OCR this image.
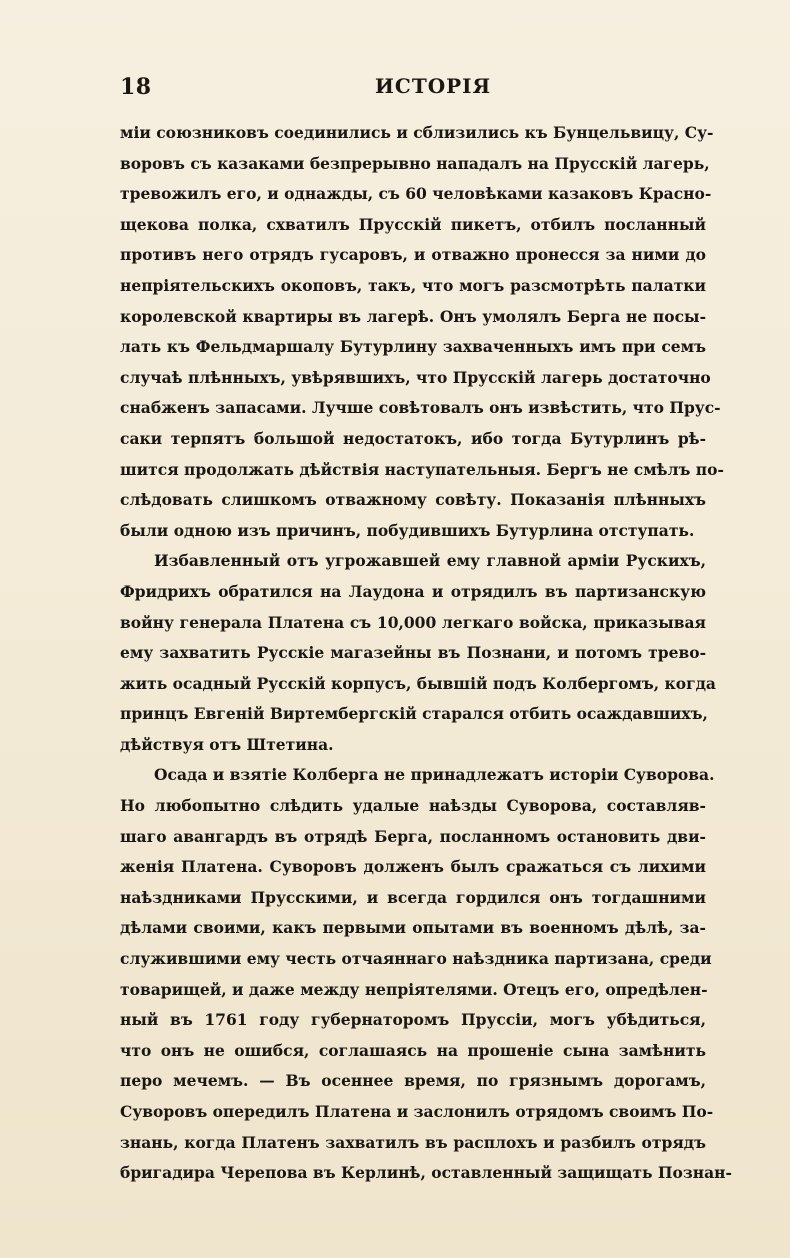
18	ИСТОРІЯ
міи союзниковъ соединились и сблизились къ Бунцельвицу, Су-
воровъ съ казаками безпрерывно нападалъ на Прусскій лагерь,
тревожилъ его, и однажды, съ 60 человѣками казаковъ Красно-
щекова полка, схватилъ Прусскій пикетъ, отбилъ посланный
противъ него отрядъ гусаровъ, и отважно пронесся за ними до
непріятельскихъ окоповъ, такъ, что могъ разсмотрѣть палатки
королевской квартиры въ лагерѣ. Онъ умолялъ Берга не посы-
лать къ Фельдмаршалу Бутурлину захваченныхъ имъ при семъ
случаѣ плѣнныхъ, увѣрявшихъ, что Прусскій лагерь достаточно
снабженъ запасами. Лучше совѣтовалъ онъ извѣстить, что Прус-
саки терпятъ большой недостатокъ, ибо тогда Бутурлинъ рѣ-
шится продолжать дѣйствія наступательныя. Бергъ не смѣлъ по-
слѣдовать слишкомъ отважному совѣту. Показанія плѣнныхъ
были одною изъ причинъ, побудившихъ Бутурлина отступать.
Избавленный отъ угрожавшей ему главной арміи Рускихъ,
Фридрихъ обратился на Лаудона и отрядилъ въ партизанскую
войну генерала Платена съ 10,000 легкаго войска, приказывая
ему захватить Русскіе магазейны въ Познани, и потомъ трево-
жить осадный Русскій корпусъ, бывшій подъ Колбергомъ, когда
принцъ Евгеній Виртембергскій старался отбить осаждавшихъ,
дѣйствуя отъ Штетина.
Осада и взятіе Колберга не принадлежатъ исторіи Суворова.
Но любопытно слѣдить удалые наѣзды Суворова, составляв-
шаго авангардъ въ отрядѣ Берга, посланномъ остановить дви-
женія Платена. Суворовъ долженъ былъ сражаться съ лихими
наѣздниками Прусскими, и всегда гордился онъ тогдашними
дѣлами своими, какъ первыми опытами въ военномъ дѣлѣ, за-
служившими ему честь отчаяннаго наѣздника партизана, среди
товарищей, и даже между непріятелями. Отецъ его, опредѣлен-
ный въ 1761 году губернаторомъ Пруссіи, могъ убѣдиться,
что онъ не ошибся, соглашаясь на прошеніе сына замѣнить
перо мечемъ. — Въ осеннее время, по грязнымъ дорогамъ,
Суворовъ опередилъ Платена и заслонилъ отрядомъ своимъ По-
знань, когда Платенъ захватилъ въ расплохъ и разбилъ отрядъ
бригадира Черепова въ Керлинѣ, оставленный защищать Познан-
